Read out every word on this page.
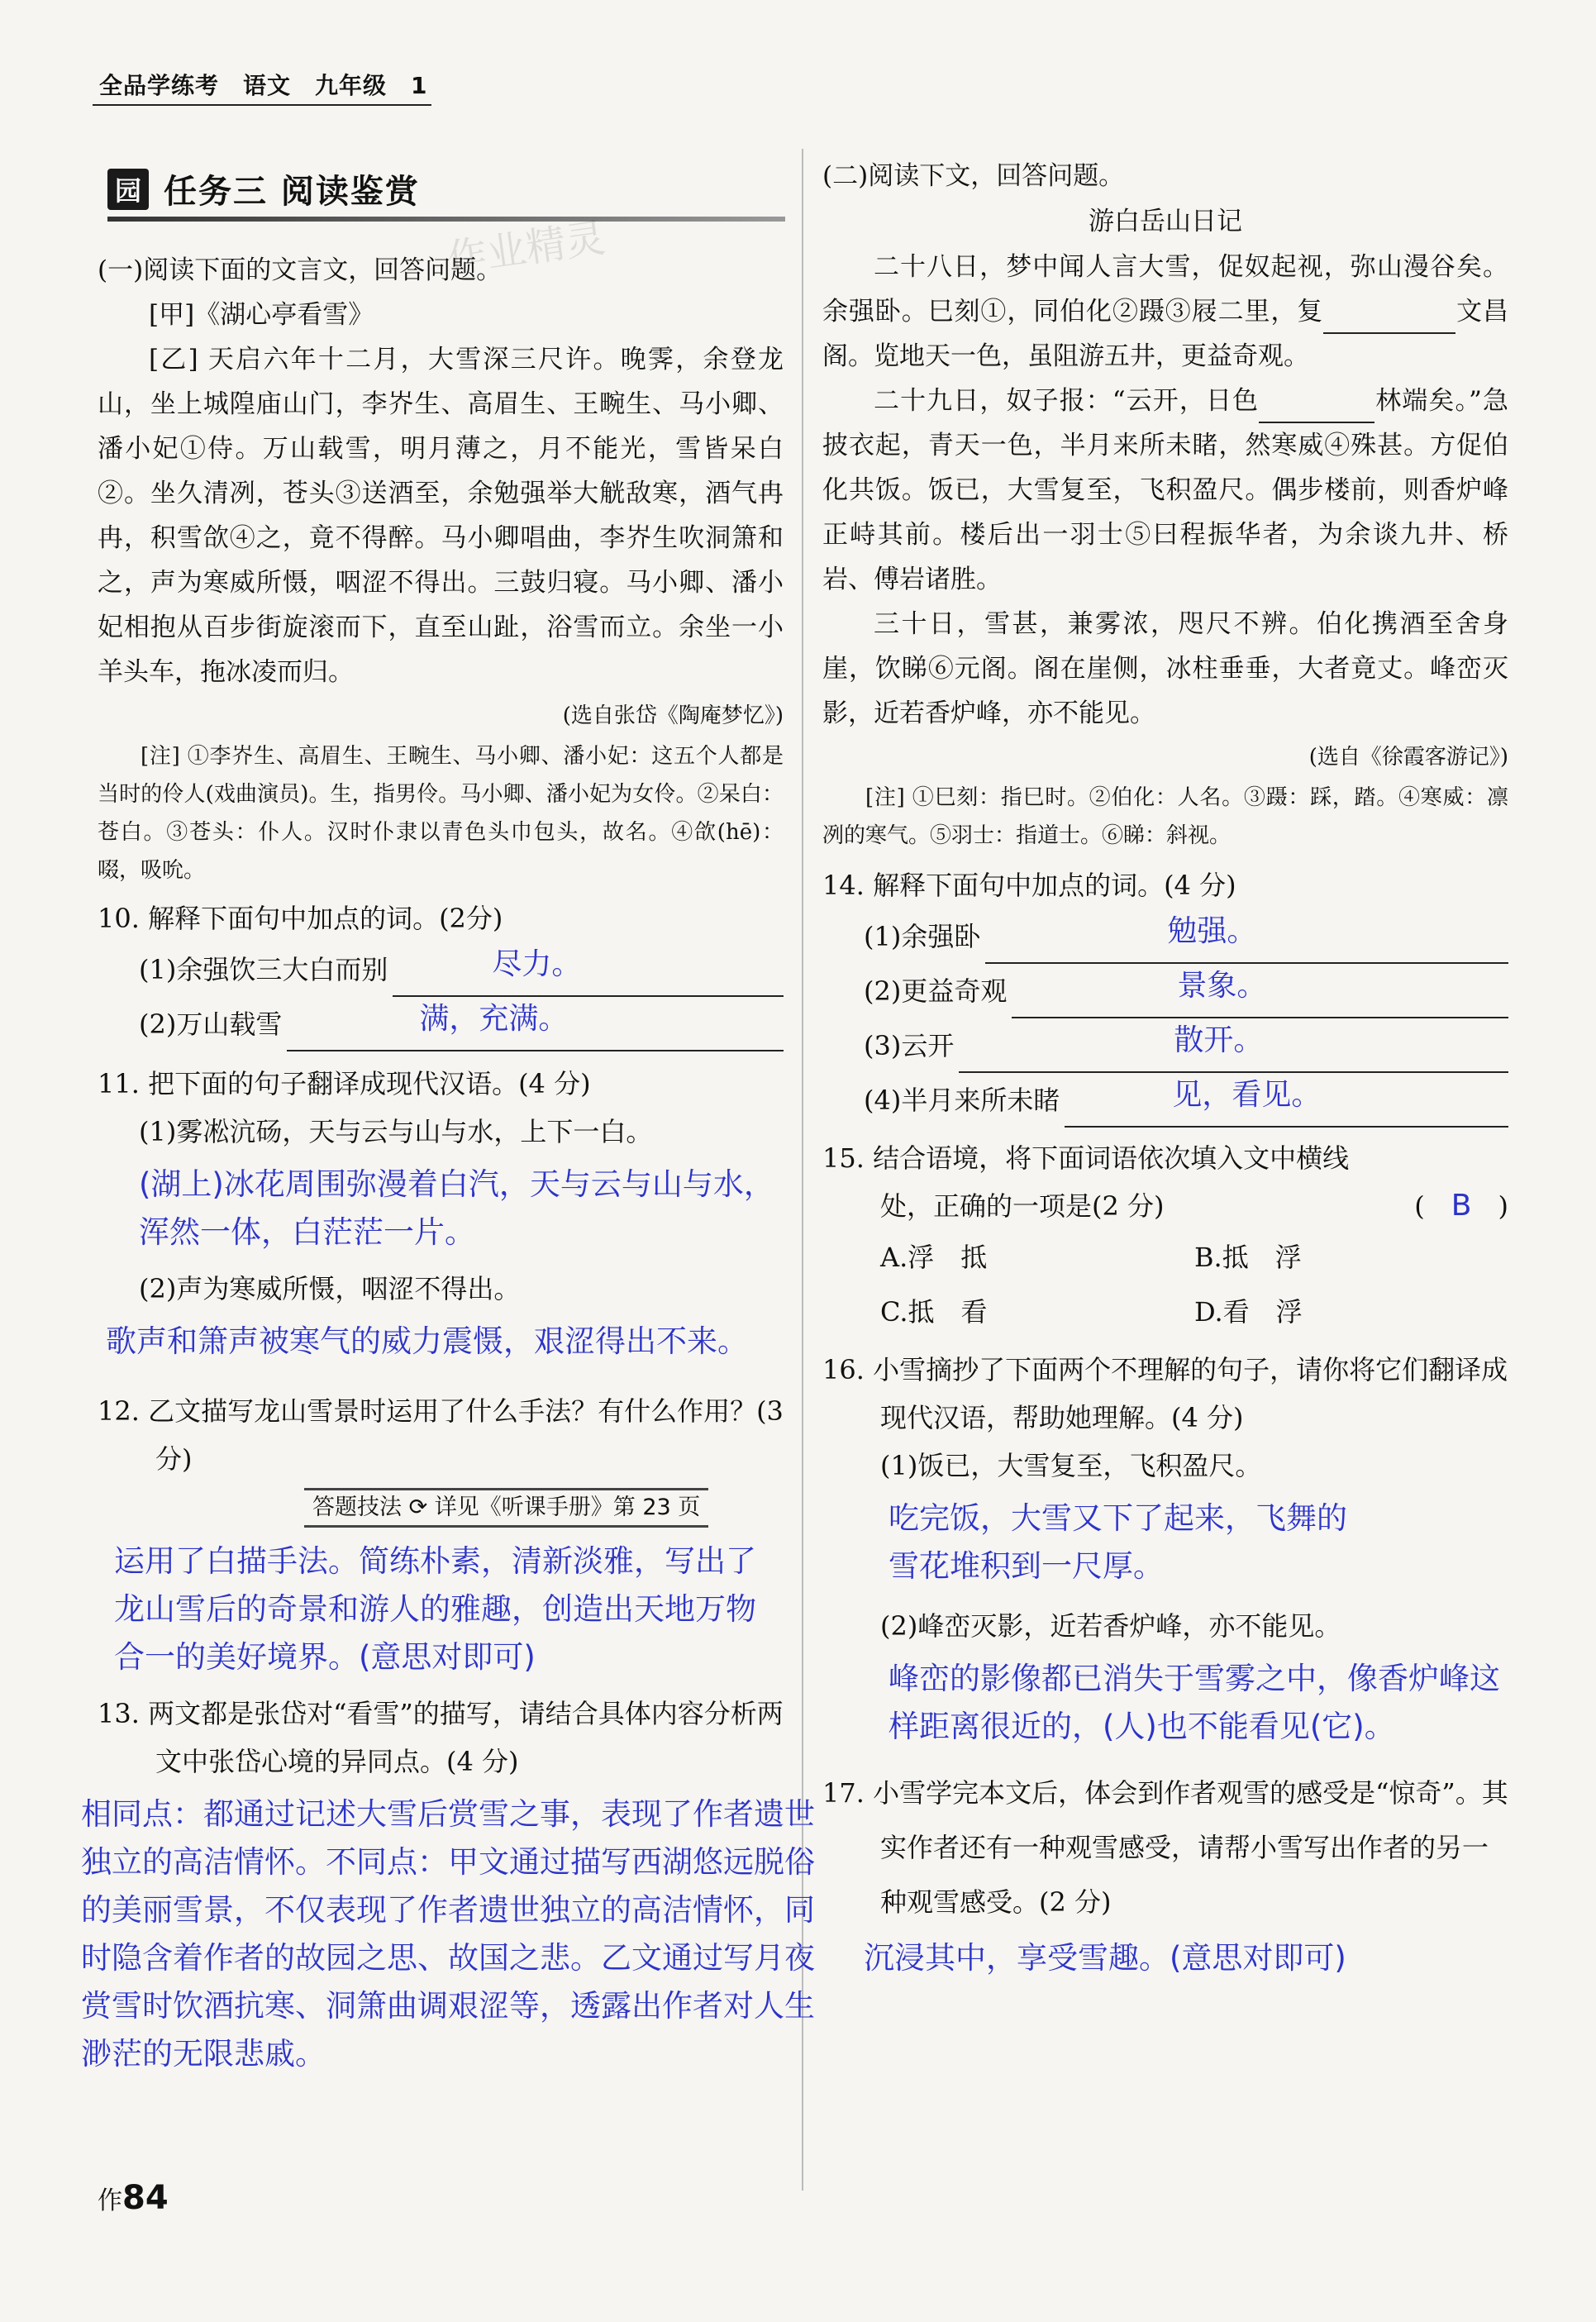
全品学练考　语文　九年级　1
园 任务三 阅读鉴赏
作业精灵

(一)阅读下面的文言文，回答问题。

[甲]《湖心亭看雪》

[乙] 天启六年十二月，大雪深三尺许。晚霁，余登龙山，坐上城隍庙山门，李岕生、高眉生、王畹生、马小卿、潘小妃①侍。万山载雪，明月薄之，月不能光，雪皆呆白②。坐久清冽，苍头③送酒至，余勉强举大觥敌寒，酒气冉冉，积雪欱④之，竟不得醉。马小卿唱曲，李岕生吹洞箫和之，声为寒威所慑，咽涩不得出。三鼓归寝。马小卿、潘小妃相抱从百步街旋滚而下，直至山趾，浴雪而立。余坐一小羊头车，拖冰凌而归。

(选自张岱《陶庵梦忆》)

[注] ①李岕生、高眉生、王畹生、马小卿、潘小妃：这五个人都是当时的伶人(戏曲演员)。生，指男伶。马小卿、潘小妃为女伶。②呆白：苍白。③苍头：仆人。汉时仆隶以青色头巾包头，故名。④欱(hē)：啜，吸吮。

10. 解释下面句中加点的词。(2分)

(1)余强饮三大白而别	尽力。
(2)万山载雪	满，充满。

11. 把下面的句子翻译成现代汉语。(4 分)

(1)雾凇沆砀，天与云与山与水，上下一白。

(湖上)冰花周围弥漫着白汽，天与云与山与水，浑然一体，白茫茫一片。

(2)声为寒威所慑，咽涩不得出。

歌声和箫声被寒气的威力震慑，艰涩得出不来。

12. 乙文描写龙山雪景时运用了什么手法？有什么作用？(3 分)

答题技法 ⟳ 详见《听课手册》第 23 页

运用了白描手法。简练朴素，清新淡雅，写出了龙山雪后的奇景和游人的雅趣，创造出天地万物合一的美好境界。(意思对即可)

13. 两文都是张岱对“看雪”的描写，请结合具体内容分析两文中张岱心境的异同点。(4 分)

相同点：都通过记述大雪后赏雪之事，表现了作者遗世独立的高洁情怀。不同点：甲文通过描写西湖悠远脱俗的美丽雪景，不仅表现了作者遗世独立的高洁情怀，同时隐含着作者的故园之思、故国之悲。乙文通过写月夜赏雪时饮酒抗寒、洞箫曲调艰涩等，透露出作者对人生渺茫的无限悲戚。

(二)阅读下文，回答问题。

游白岳山日记

二十八日，梦中闻人言大雪，促奴起视，弥山漫谷矣。余强卧。巳刻①，同伯化②蹑③屐二里，复	文昌阁。览地天一色，虽阻游五井，更益奇观。

二十九日，奴子报：“云开，日色	林端矣。”急披衣起，青天一色，半月来所未睹，然寒威④殊甚。方促伯化共饭。饭已，大雪复至，飞积盈尺。偶步楼前，则香炉峰正峙其前。楼后出一羽士⑤曰程振华者，为余谈九井、桥岩、傅岩诸胜。

三十日，雪甚，兼雾浓，咫尺不辨。伯化携酒至舍身崖，饮睇⑥元阁。阁在崖侧，冰柱垂垂，大者竟丈。峰峦灭影，近若香炉峰，亦不能见。

(选自《徐霞客游记》)

[注] ①巳刻：指巳时。②伯化：人名。③蹑：踩，踏。④寒威：凛冽的寒气。⑤羽士：指道士。⑥睇：斜视。

14. 解释下面句中加点的词。(4 分)

(1)余强卧	勉强。
(2)更益奇观	景象。
(3)云开	散开。
(4)半月来所未睹	见，看见。

15. 结合语境，将下面词语依次填入文中横线

处，正确的一项是(2 分)	(　B　)

A.浮　抵	B.抵　浮
C.抵　看	D.看　浮

16. 小雪摘抄了下面两个不理解的句子，请你将它们翻译成现代汉语，帮助她理解。(4 分)

(1)饭已，大雪复至，飞积盈尺。

吃完饭，大雪又下了起来，飞舞的雪花堆积到一尺厚。

(2)峰峦灭影，近若香炉峰，亦不能见。

峰峦的影像都已消失于雪雾之中，像香炉峰这样距离很近的，(人)也不能看见(它)。

17. 小雪学完本文后，体会到作者观雪的感受是“惊奇”。其实作者还有一种观雪感受，请帮小雪写出作者的另一种观雪感受。(2 分)

沉浸其中，享受雪趣。(意思对即可)

作84
